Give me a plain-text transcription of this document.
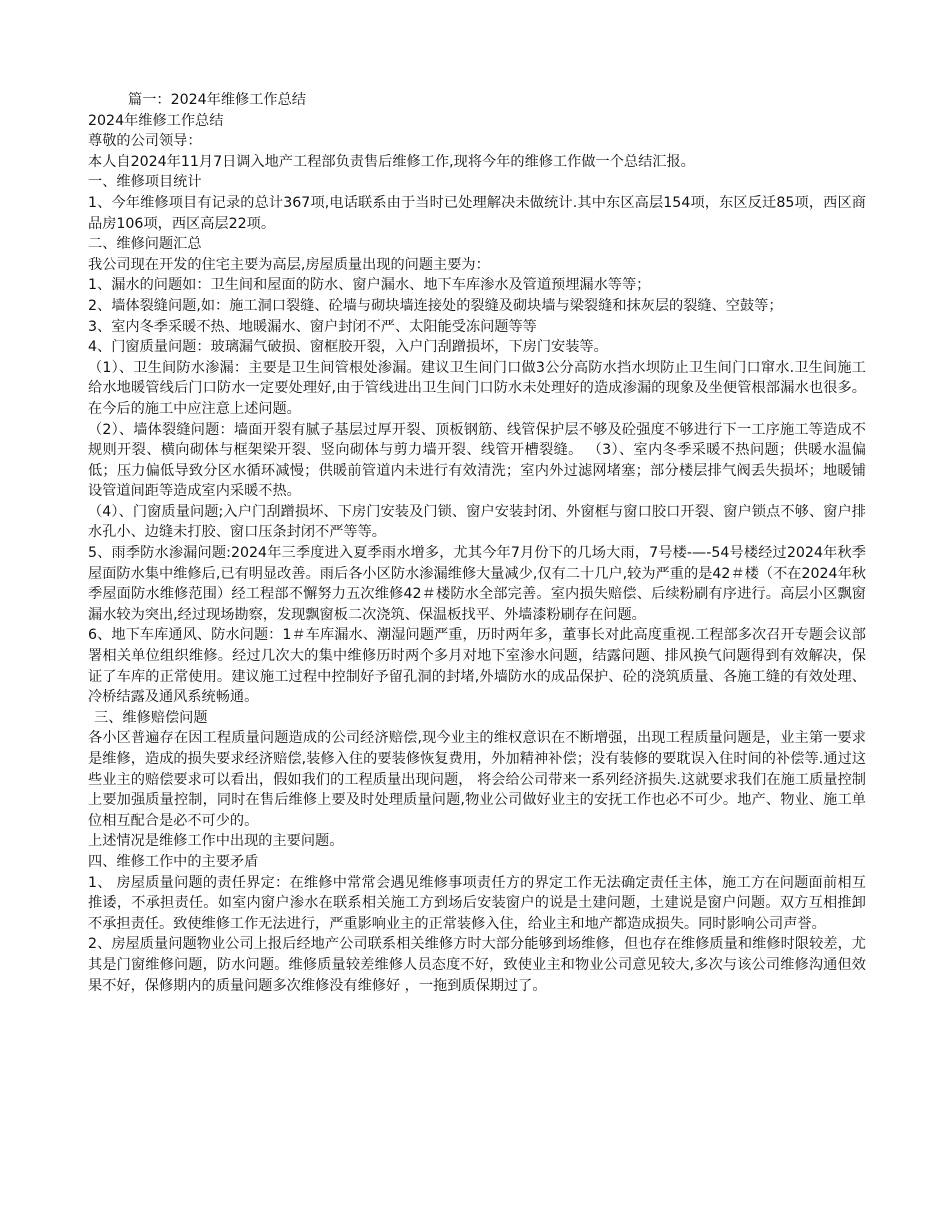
篇一：2024年维修工作总结
2024年维修工作总结
尊敬的公司领导：

本人自2024年11月7日调入地产工程部负责售后维修工作,现将今年的维修工作做一个总结汇报。

一、维修项目统计

1、今年维修项目有记录的总计367项,电话联系由于当时已处理解决未做统计.其中东区高层154项，东区反迁85项，西区商品房106项，西区高层22项。

二、维修问题汇总

我公司现在开发的住宅主要为高层,房屋质量出现的问题主要为：

1、漏水的问题如：卫生间和屋面的防水、窗户漏水、地下车库渗水及管道预埋漏水等等；

2、墙体裂缝问题,如：施工洞口裂缝、砼墙与砌块墙连接处的裂缝及砌块墙与梁裂缝和抹灰层的裂缝、空鼓等；

3、室内冬季采暖不热、地暖漏水、窗户封闭不严、太阳能受冻问题等等

4、门窗质量问题：玻璃漏气破损、窗框胶开裂，入户门刮蹭损坏，下房门安装等。

（1）、卫生间防水渗漏：主要是卫生间管根处渗漏。建议卫生间门口做3公分高防水挡水坝防止卫生间门口窜水.卫生间施工给水地暖管线后门口防水一定要处理好,由于管线进出卫生间门口防水未处理好的造成渗漏的现象及坐便管根部漏水也很多。在今后的施工中应注意上述问题。

（2）、墙体裂缝问题：墙面开裂有腻子基层过厚开裂、顶板钢筋、线管保护层不够及砼强度不够进行下一工序施工等造成不规则开裂、横向砌体与框架梁开裂、竖向砌体与剪力墙开裂、线管开槽裂缝。 （3）、室内冬季采暖不热问题；供暖水温偏低；压力偏低导致分区水循环减慢；供暖前管道内未进行有效清洗；室内外过滤网堵塞；部分楼层排气阀丢失损坏；地暖铺设管道间距等造成室内采暖不热。

（4）、门窗质量问题;入户门刮蹭损坏、下房门安装及门锁、窗户安装封闭、外窗框与窗口胶口开裂、窗户锁点不够、窗户排水孔小、边缝未打胶、窗口压条封闭不严等等。

5、雨季防水渗漏问题:2024年三季度进入夏季雨水增多，尤其今年7月份下的几场大雨，7号楼-—-54号楼经过2024年秋季屋面防水集中维修后,已有明显改善。雨后各小区防水渗漏维修大量减少,仅有二十几户,较为严重的是42＃楼（不在2024年秋季屋面防水维修范围）经工程部不懈努力五次维修42＃楼防水全部完善。室内损失赔偿、后续粉刷有序进行。高层小区飘窗漏水较为突出,经过现场勘察，发现飘窗板二次浇筑、保温板找平、外墙漆粉刷存在问题。

6、地下车库通风、防水问题：1＃车库漏水、潮湿问题严重，历时两年多，董事长对此高度重视.工程部多次召开专题会议部署相关单位组织维修。经过几次大的集中维修历时两个多月对地下室渗水问题，结露问题、排风换气问题得到有效解决，保证了车库的正常使用。建议施工过程中控制好予留孔洞的封堵,外墙防水的成品保护、砼的浇筑质量、各施工缝的有效处理、冷桥结露及通风系统畅通。

三、维修赔偿问题

各小区普遍存在因工程质量问题造成的公司经济赔偿,现今业主的维权意识在不断增强，出现工程质量问题是，业主第一要求是维修，造成的损失要求经济赔偿,装修入住的要装修恢复费用，外加精神补偿；没有装修的要耽误入住时间的补偿等.通过这些业主的赔偿要求可以看出，假如我们的工程质量出现问题， 将会给公司带来一系列经济损失.这就要求我们在施工质量控制上要加强质量控制，同时在售后维修上要及时处理质量问题,物业公司做好业主的安抚工作也必不可少。地产、物业、施工单位相互配合是必不可少的。

上述情况是维修工作中出现的主要问题。

四、维修工作中的主要矛盾

1、 房屋质量问题的责任界定：在维修中常常会遇见维修事项责任方的界定工作无法确定责任主体，施工方在问题面前相互推诿，不承担责任。如室内窗户渗水在联系相关施工方到场后安装窗户的说是土建问题，土建说是窗户问题。双方互相推卸不承担责任。致使维修工作无法进行，严重影响业主的正常装修入住，给业主和地产都造成损失。同时影响公司声誉。

2、房屋质量问题物业公司上报后经地产公司联系相关维修方时大部分能够到场维修，但也存在维修质量和维修时限较差，尤其是门窗维修问题，防水问题。维修质量较差维修人员态度不好，致使业主和物业公司意见较大,多次与该公司维修沟通但效果不好，保修期内的质量问题多次维修没有维修好 ，一拖到质保期过了。
